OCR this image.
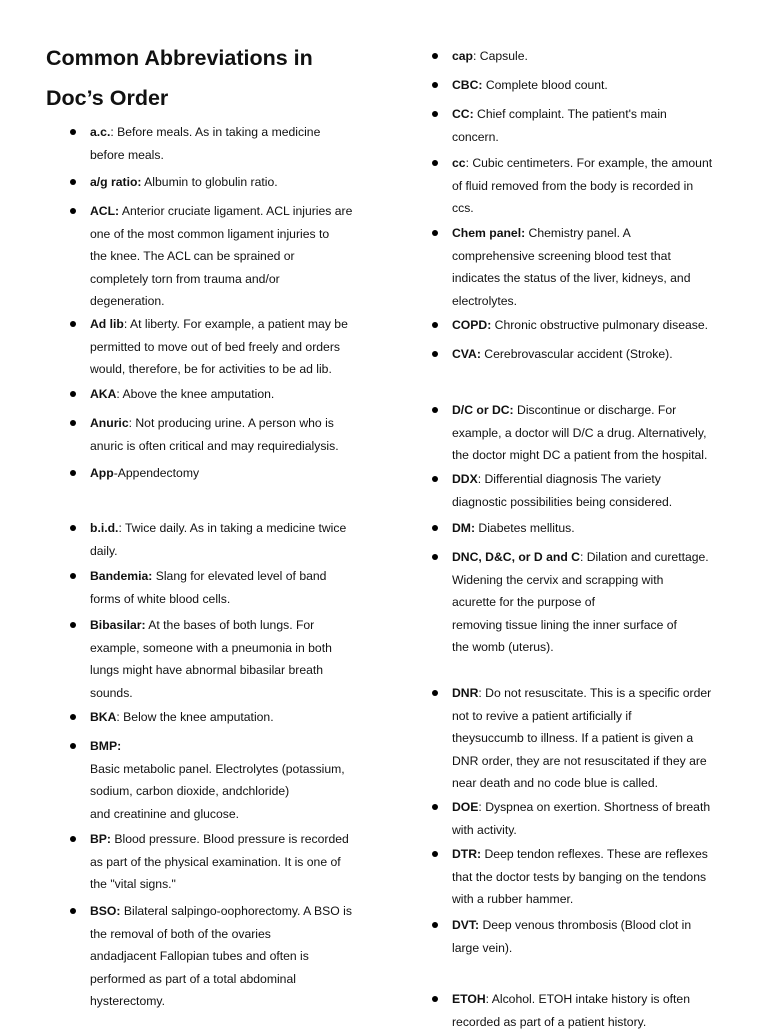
Common Abbreviations in Doc’s Order
a.c.: Before meals. As in taking a medicine
before meals.
a/g ratio: Albumin to globulin ratio.
ACL: Anterior cruciate ligament. ACL injuries are
one of the most common ligament injuries to
the knee. The ACL can be sprained or
completely torn from trauma and/or
degeneration.
Ad lib: At liberty. For example, a patient may be
permitted to move out of bed freely and orders
would, therefore, be for activities to be ad lib.
AKA: Above the knee amputation.
Anuric: Not producing urine. A person who is
anuric is often critical and may requiredialysis.
App-Appendectomy
b.i.d.: Twice daily. As in taking a medicine twice
daily.
Bandemia: Slang for elevated level of band
forms of white blood cells.
Bibasilar: At the bases of both lungs. For
example, someone with a pneumonia in both
lungs might have abnormal bibasilar breath
sounds.
BKA: Below the knee amputation.
BMP:
Basic metabolic panel. Electrolytes (potassium,
sodium, carbon dioxide, andchloride)
and creatinine and glucose.
BP: Blood pressure. Blood pressure is recorded
as part of the physical examination. It is one of
the "vital signs."
BSO: Bilateral salpingo-oophorectomy. A BSO is
the removal of both of the ovaries
andadjacent Fallopian tubes and often is
performed as part of a total abdominal
hysterectomy.
cap: Capsule.
CBC: Complete blood count.
CC: Chief complaint. The patient's main
concern.
cc: Cubic centimeters. For example, the amount
of fluid removed from the body is recorded in
ccs.
Chem panel: Chemistry panel. A
comprehensive screening blood test that
indicates the status of the liver, kidneys, and
electrolytes.
COPD: Chronic obstructive pulmonary disease.
CVA: Cerebrovascular accident (Stroke).
D/C or DC: Discontinue or discharge. For
example, a doctor will D/C a drug. Alternatively,
the doctor might DC a patient from the hospital.
DDX: Differential diagnosis The variety
diagnostic possibilities being considered.
DM: Diabetes mellitus.
DNC, D&C, or D and C: Dilation and curettage.
Widening the cervix and scrapping with
acurette for the purpose of
removing tissue lining the inner surface of
the womb (uterus).
DNR: Do not resuscitate. This is a specific order
not to revive a patient artificially if
theysuccumb to illness. If a patient is given a
DNR order, they are not resuscitated if they are
near death and no code blue is called.
DOE: Dyspnea on exertion. Shortness of breath
with activity.
DTR: Deep tendon reflexes. These are reflexes
that the doctor tests by banging on the tendons
with a rubber hammer.
DVT: Deep venous thrombosis (Blood clot in
large vein).
ETOH: Alcohol. ETOH intake history is often
recorded as part of a patient history.
